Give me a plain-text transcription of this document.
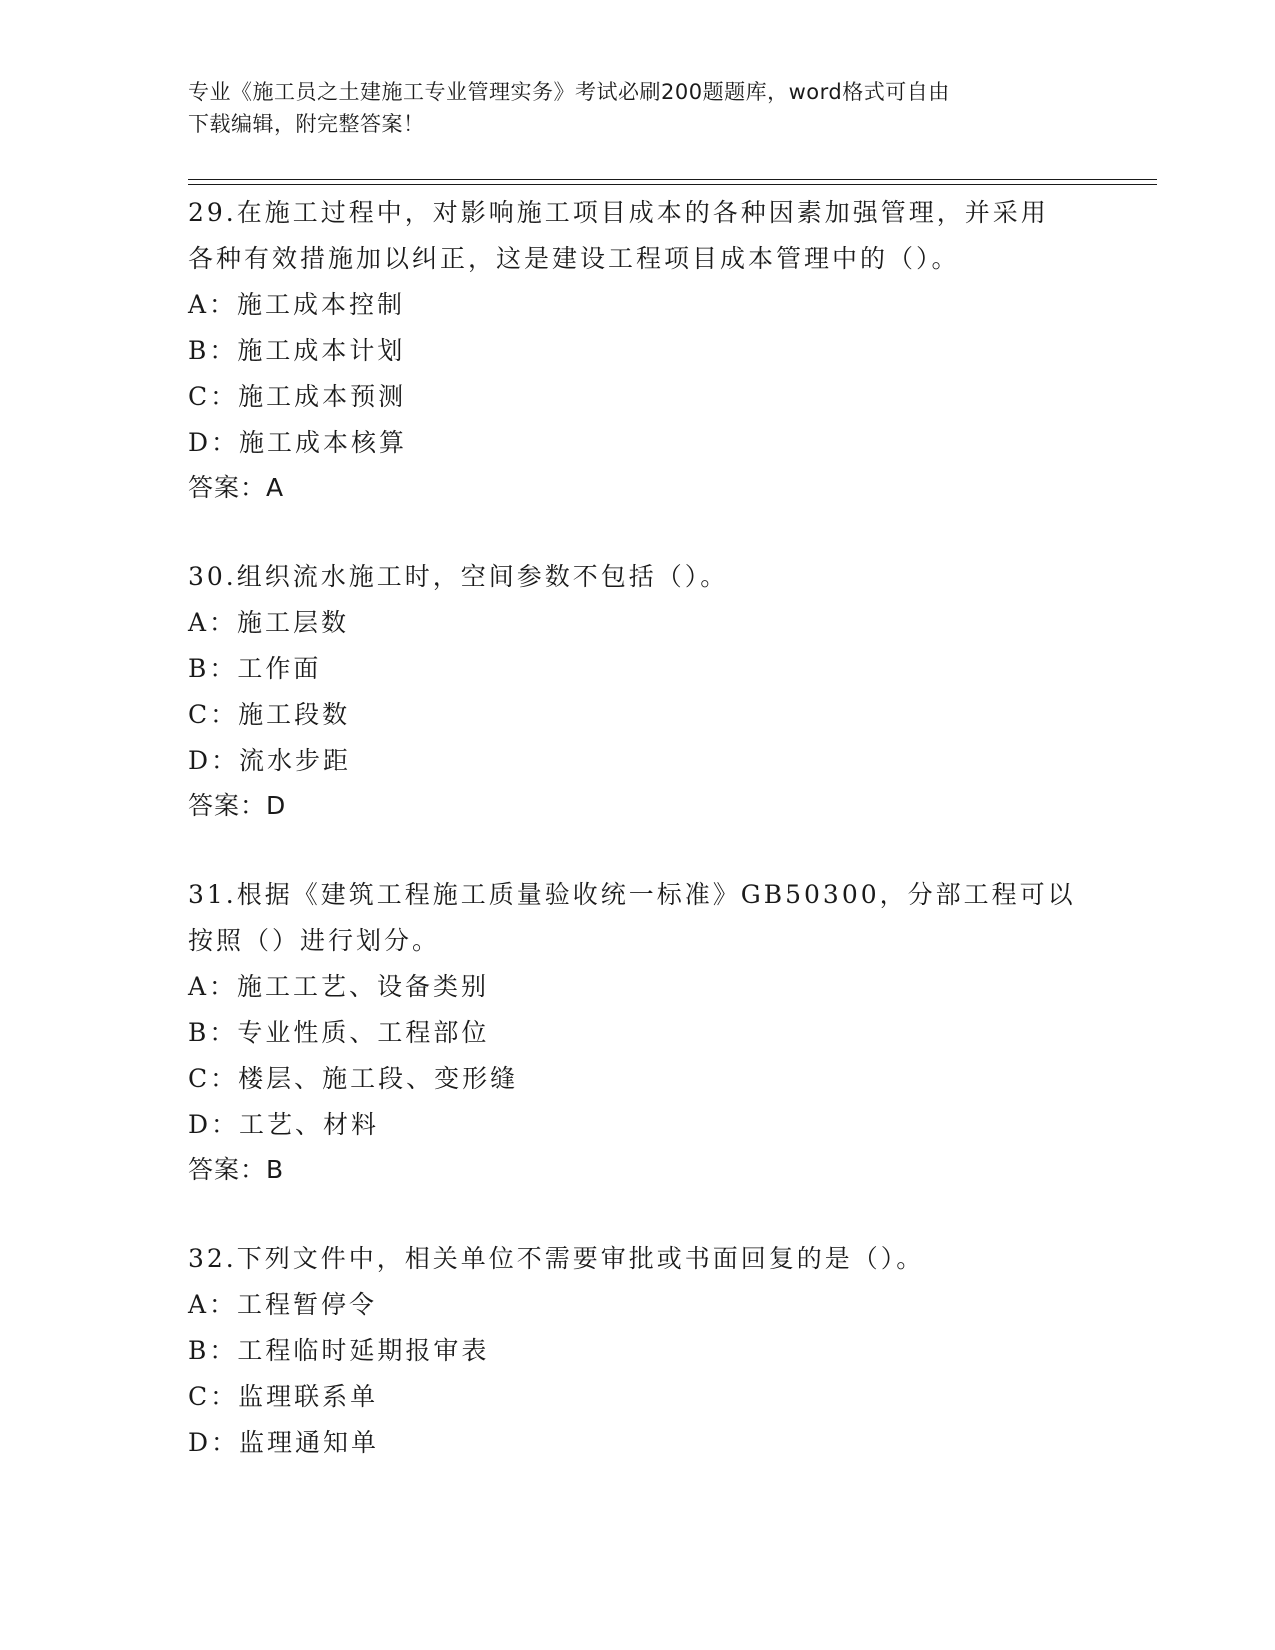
专业《施工员之土建施工专业管理实务》考试必刷200题题库，word格式可自由
下载编辑，附完整答案！
29.在施工过程中，对影响施工项目成本的各种因素加强管理，并采用
各种有效措施加以纠正，这是建设工程项目成本管理中的（）。
A：施工成本控制
B：施工成本计划
C：施工成本预测
D：施工成本核算
答案：A
30.组织流水施工时，空间参数不包括（）。
A：施工层数
B：工作面
C：施工段数
D：流水步距
答案：D
31.根据《建筑工程施工质量验收统一标准》GB50300，分部工程可以
按照（）进行划分。
A：施工工艺、设备类别
B：专业性质、工程部位
C：楼层、施工段、变形缝
D：工艺、材料
答案：B
32.下列文件中，相关单位不需要审批或书面回复的是（）。
A：工程暂停令
B：工程临时延期报审表
C：监理联系单
D：监理通知单
